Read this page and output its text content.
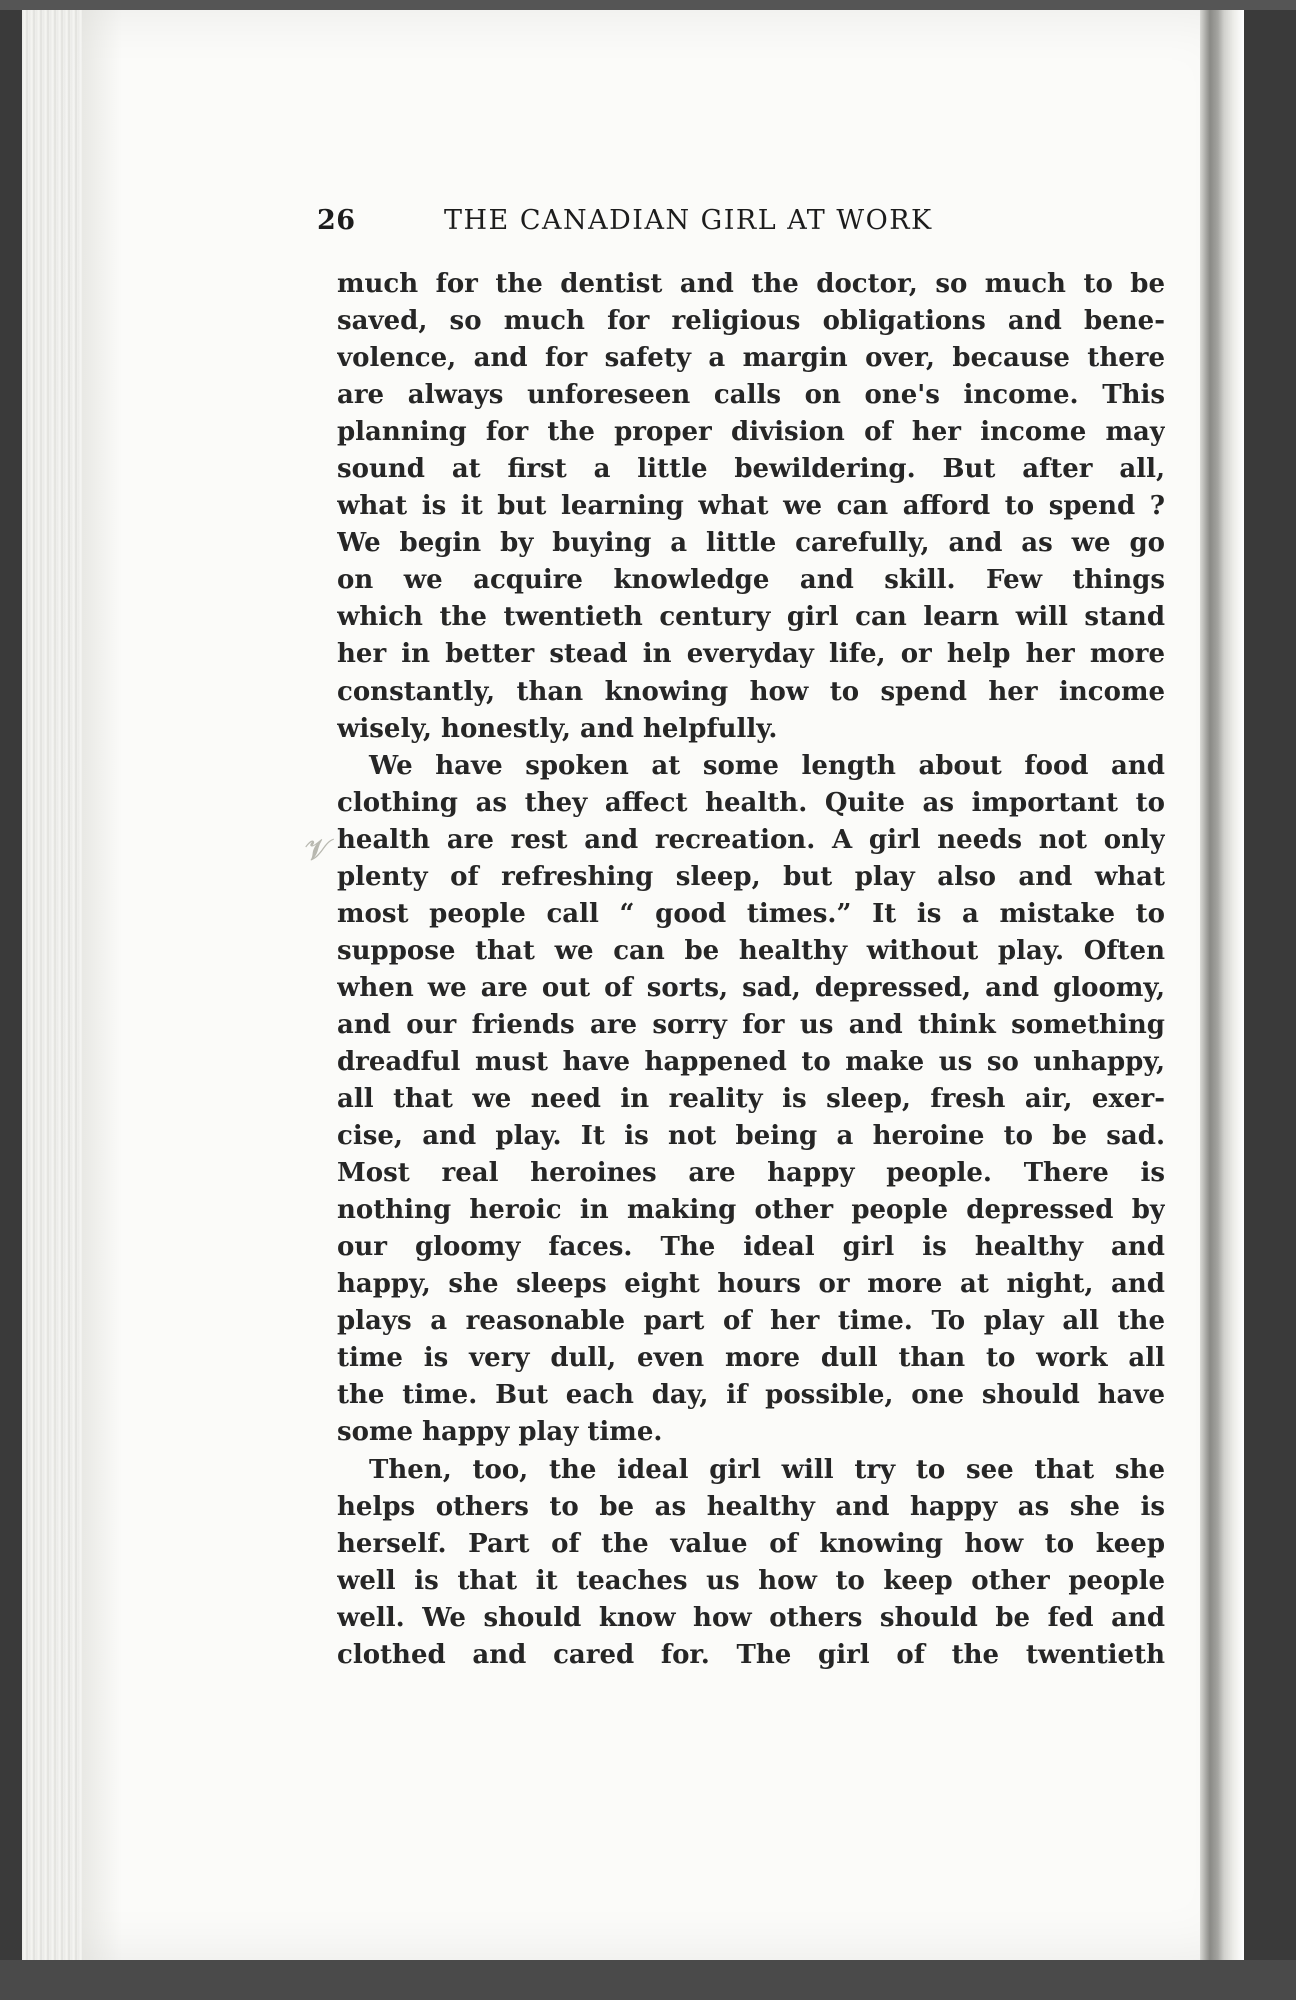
𝓥
26	THE CANADIAN GIRL AT WORK
much for the dentist and the doctor, so much to be
saved, so much for religious obligations and bene-
volence, and for safety a margin over, because there
are always unforeseen calls on one's income. This
planning for the proper division of her income may
sound at first a little bewildering. But after all,
what is it but learning what we can afford to spend ?
We begin by buying a little carefully, and as we go
on we acquire knowledge and skill. Few things
which the twentieth century girl can learn will stand
her in better stead in everyday life, or help her more
constantly, than knowing how to spend her income
wisely, honestly, and helpfully.
We have spoken at some length about food and
clothing as they affect health. Quite as important to
health are rest and recreation. A girl needs not only
plenty of refreshing sleep, but play also and what
most people call “ good times.” It is a mistake to
suppose that we can be healthy without play. Often
when we are out of sorts, sad, depressed, and gloomy,
and our friends are sorry for us and think something
dreadful must have happened to make us so unhappy,
all that we need in reality is sleep, fresh air, exer-
cise, and play. It is not being a heroine to be sad.
Most real heroines are happy people. There is
nothing heroic in making other people depressed by
our gloomy faces. The ideal girl is healthy and
happy, she sleeps eight hours or more at night, and
plays a reasonable part of her time. To play all the
time is very dull, even more dull than to work all
the time. But each day, if possible, one should have
some happy play time.
Then, too, the ideal girl will try to see that she
helps others to be as healthy and happy as she is
herself. Part of the value of knowing how to keep
well is that it teaches us how to keep other people
well. We should know how others should be fed and
clothed and cared for. The girl of the twentieth
